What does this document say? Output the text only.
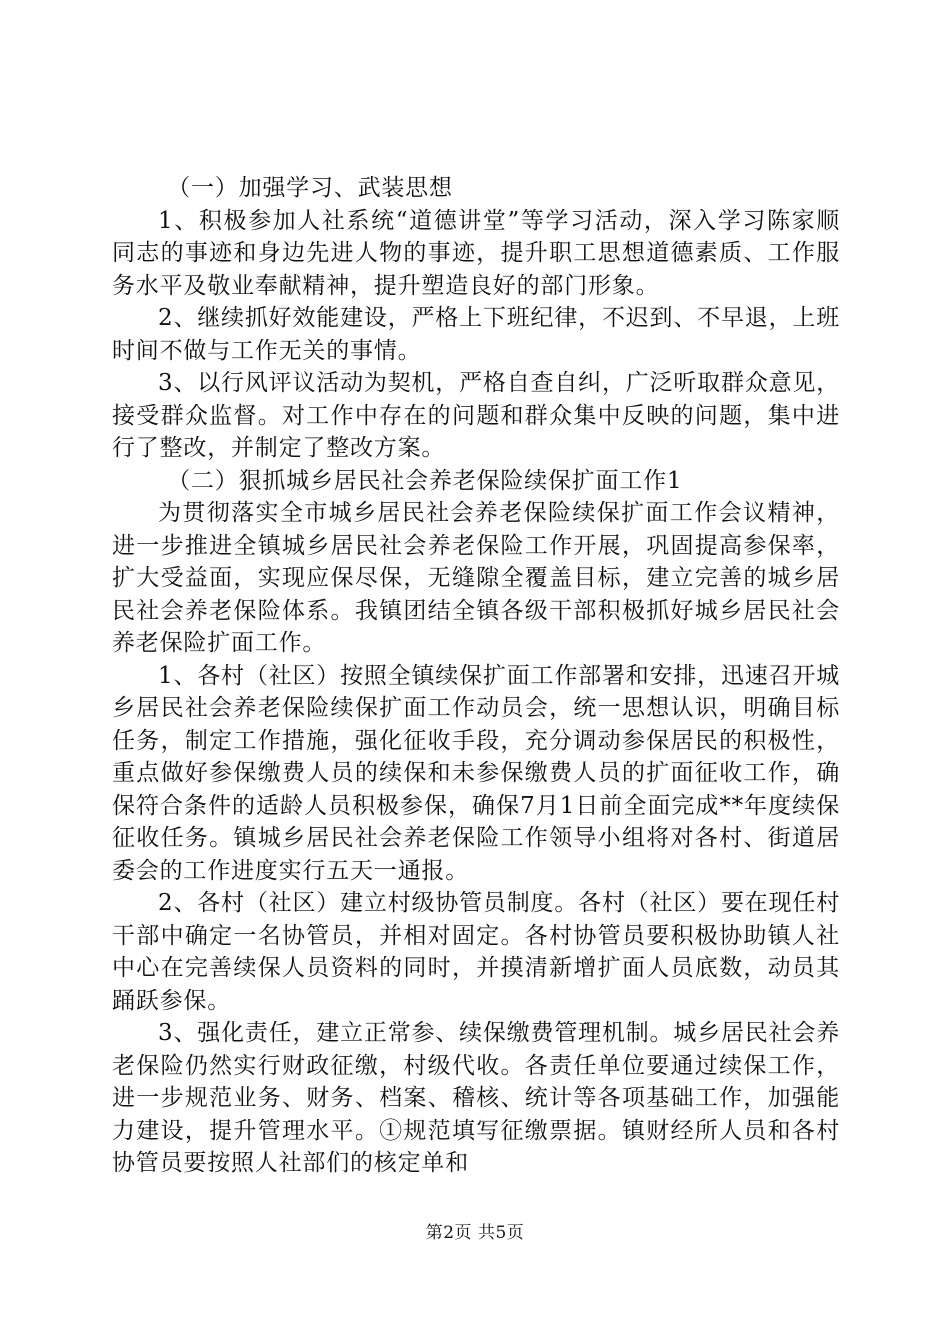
（一）加强学习、武装思想

1、积极参加人社系统“道德讲堂”等学习活动，深入学习陈家顺同志的事迹和身边先进人物的事迹，提升职工思想道德素质、工作服务水平及敬业奉献精神，提升塑造良好的部门形象。

2、继续抓好效能建设，严格上下班纪律，不迟到、不早退，上班时间不做与工作无关的事情。

3、以行风评议活动为契机，严格自查自纠，广泛听取群众意见，接受群众监督。对工作中存在的问题和群众集中反映的问题，集中进行了整改，并制定了整改方案。

（二）狠抓城乡居民社会养老保险续保扩面工作1

为贯彻落实全市城乡居民社会养老保险续保扩面工作会议精神，进一步推进全镇城乡居民社会养老保险工作开展，巩固提高参保率，扩大受益面，实现应保尽保，无缝隙全覆盖目标，建立完善的城乡居民社会养老保险体系。我镇团结全镇各级干部积极抓好城乡居民社会养老保险扩面工作。

1、各村（社区）按照全镇续保扩面工作部署和安排，迅速召开城乡居民社会养老保险续保扩面工作动员会，统一思想认识，明确目标任务，制定工作措施，强化征收手段，充分调动参保居民的积极性，重点做好参保缴费人员的续保和未参保缴费人员的扩面征收工作，确保符合条件的适龄人员积极参保，确保7月1日前全面完成**年度续保征收任务。镇城乡居民社会养老保险工作领导小组将对各村、街道居委会的工作进度实行五天一通报。

2、各村（社区）建立村级协管员制度。各村（社区）要在现任村干部中确定一名协管员，并相对固定。各村协管员要积极协助镇人社中心在完善续保人员资料的同时，并摸清新增扩面人员底数，动员其踊跃参保。

3、强化责任，建立正常参、续保缴费管理机制。城乡居民社会养老保险仍然实行财政征缴，村级代收。各责任单位要通过续保工作，进一步规范业务、财务、档案、稽核、统计等各项基础工作，加强能力建设，提升管理水平。①规范填写征缴票据。镇财经所人员和各村协管员要按照人社部们的核定单和

第2页 共5页
